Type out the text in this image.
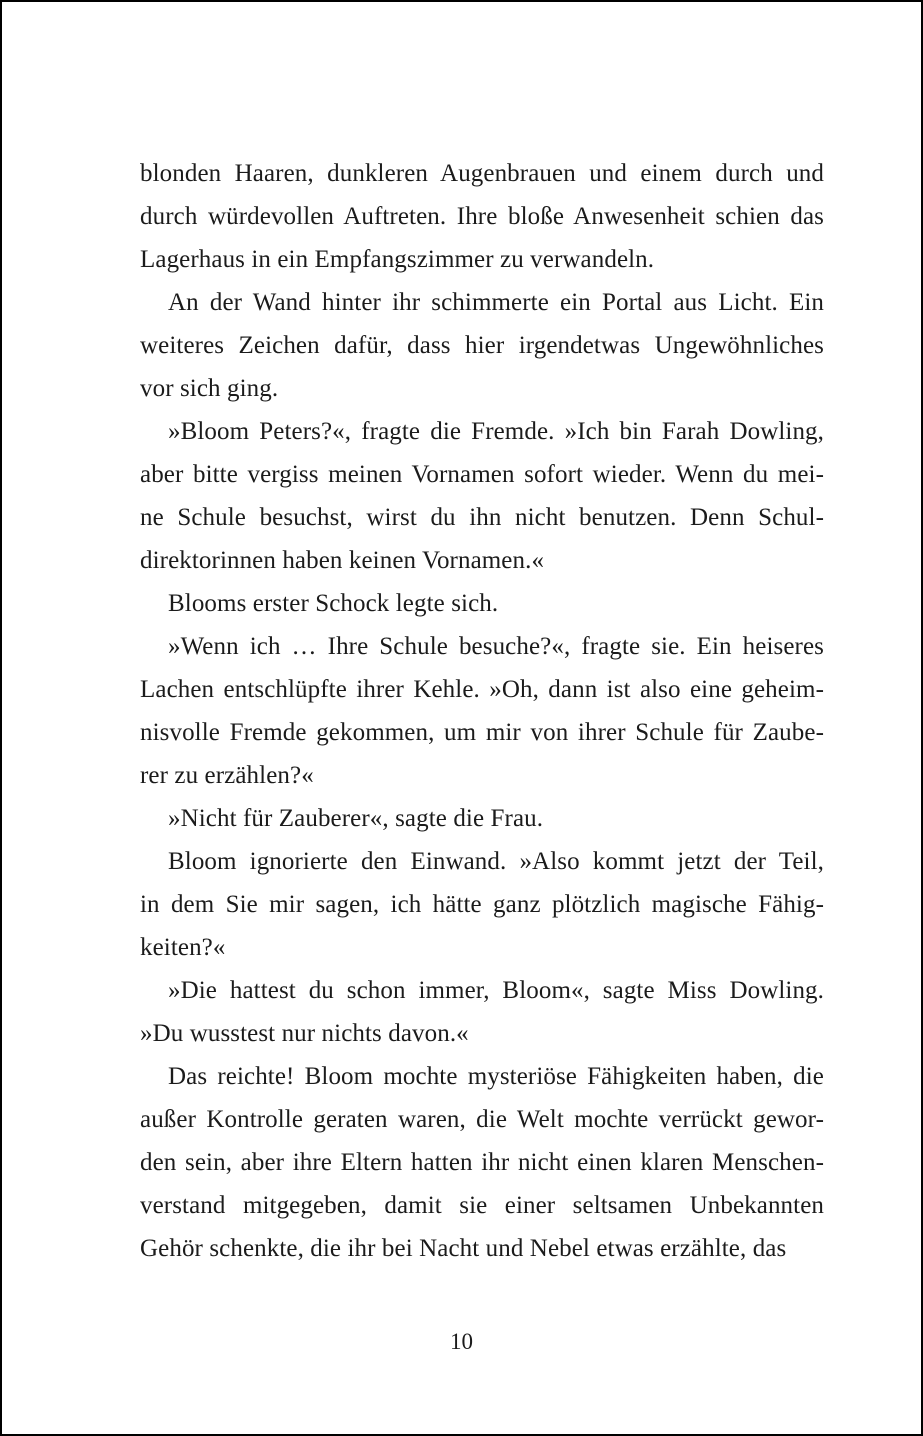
blonden Haaren, dunkleren Augenbrauen und einem durch und
durch würdevollen Auftreten. Ihre bloße Anwesenheit schien das
Lagerhaus in ein Empfangszimmer zu verwandeln.
An der Wand hinter ihr schimmerte ein Portal aus Licht. Ein
weiteres Zeichen dafür, dass hier irgendetwas Ungewöhnliches
vor sich ging.
»Bloom Peters?«, fragte die Fremde. »Ich bin Farah Dowling,
aber bitte vergiss meinen Vornamen sofort wieder. Wenn du mei-
ne Schule besuchst, wirst du ihn nicht benutzen. Denn Schul-
direktorinnen haben keinen Vornamen.«
Blooms erster Schock legte sich.
»Wenn ich … Ihre Schule besuche?«, fragte sie. Ein heiseres
Lachen entschlüpfte ihrer Kehle. »Oh, dann ist also eine geheim-
nisvolle Fremde gekommen, um mir von ihrer Schule für Zaube-
rer zu erzählen?«
»Nicht für Zauberer«, sagte die Frau.
Bloom ignorierte den Einwand. »Also kommt jetzt der Teil,
in dem Sie mir sagen, ich hätte ganz plötzlich magische Fähig-
keiten?«
»Die hattest du schon immer, Bloom«, sagte Miss Dowling.
»Du wusstest nur nichts davon.«
Das reichte! Bloom mochte mysteriöse Fähigkeiten haben, die
außer Kontrolle geraten waren, die Welt mochte verrückt gewor-
den sein, aber ihre Eltern hatten ihr nicht einen klaren Menschen-
verstand mitgegeben, damit sie einer seltsamen Unbekannten
Gehör schenkte, die ihr bei Nacht und Nebel etwas erzählte, das
10
